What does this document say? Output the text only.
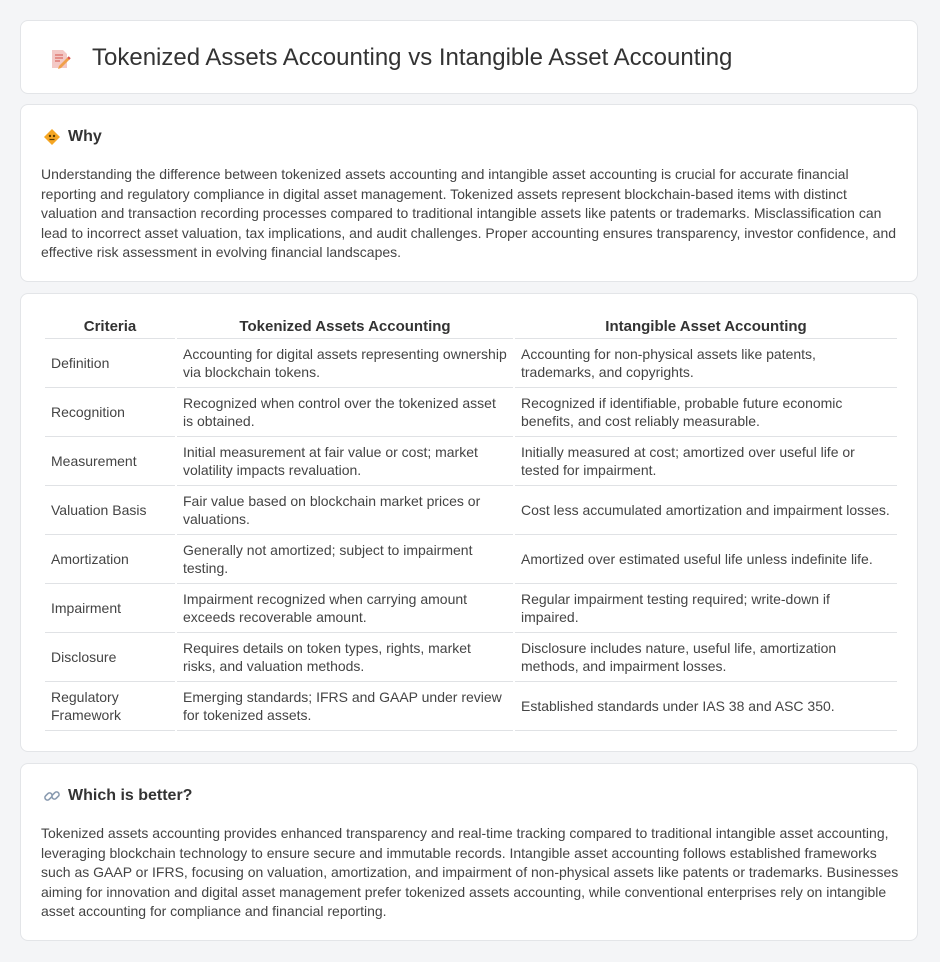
Tokenized Assets Accounting vs Intangible Asset Accounting
Why

Understanding the difference between tokenized assets accounting and intangible asset accounting is crucial for accurate financial reporting and regulatory compliance in digital asset management. Tokenized assets represent blockchain-based items with distinct valuation and transaction recording processes compared to traditional intangible assets like patents or trademarks. Misclassification can lead to incorrect asset valuation, tax implications, and audit challenges. Proper accounting ensures transparency, investor confidence, and effective risk assessment in evolving financial landscapes.

Criteria	Tokenized Assets Accounting	Intangible Asset Accounting
Definition	Accounting for digital assets representing ownership via blockchain tokens.	Accounting for non-physical assets like patents, trademarks, and copyrights.
Recognition	Recognized when control over the tokenized asset is obtained.	Recognized if identifiable, probable future economic benefits, and cost reliably measurable.
Measurement	Initial measurement at fair value or cost; market volatility impacts revaluation.	Initially measured at cost; amortized over useful life or tested for impairment.
Valuation Basis	Fair value based on blockchain market prices or valuations.	Cost less accumulated amortization and impairment losses.
Amortization	Generally not amortized; subject to impairment testing.	Amortized over estimated useful life unless indefinite life.
Impairment	Impairment recognized when carrying amount exceeds recoverable amount.	Regular impairment testing required; write-down if impaired.
Disclosure	Requires details on token types, rights, market risks, and valuation methods.	Disclosure includes nature, useful life, amortization methods, and impairment losses.
Regulatory Framework	Emerging standards; IFRS and GAAP under review for tokenized assets.	Established standards under IAS 38 and ASC 350.
Which is better?

Tokenized assets accounting provides enhanced transparency and real-time tracking compared to traditional intangible asset accounting, leveraging blockchain technology to ensure secure and immutable records. Intangible asset accounting follows established frameworks such as GAAP or IFRS, focusing on valuation, amortization, and impairment of non-physical assets like patents or trademarks. Businesses aiming for innovation and digital asset management prefer tokenized assets accounting, while conventional enterprises rely on intangible asset accounting for compliance and financial reporting.
